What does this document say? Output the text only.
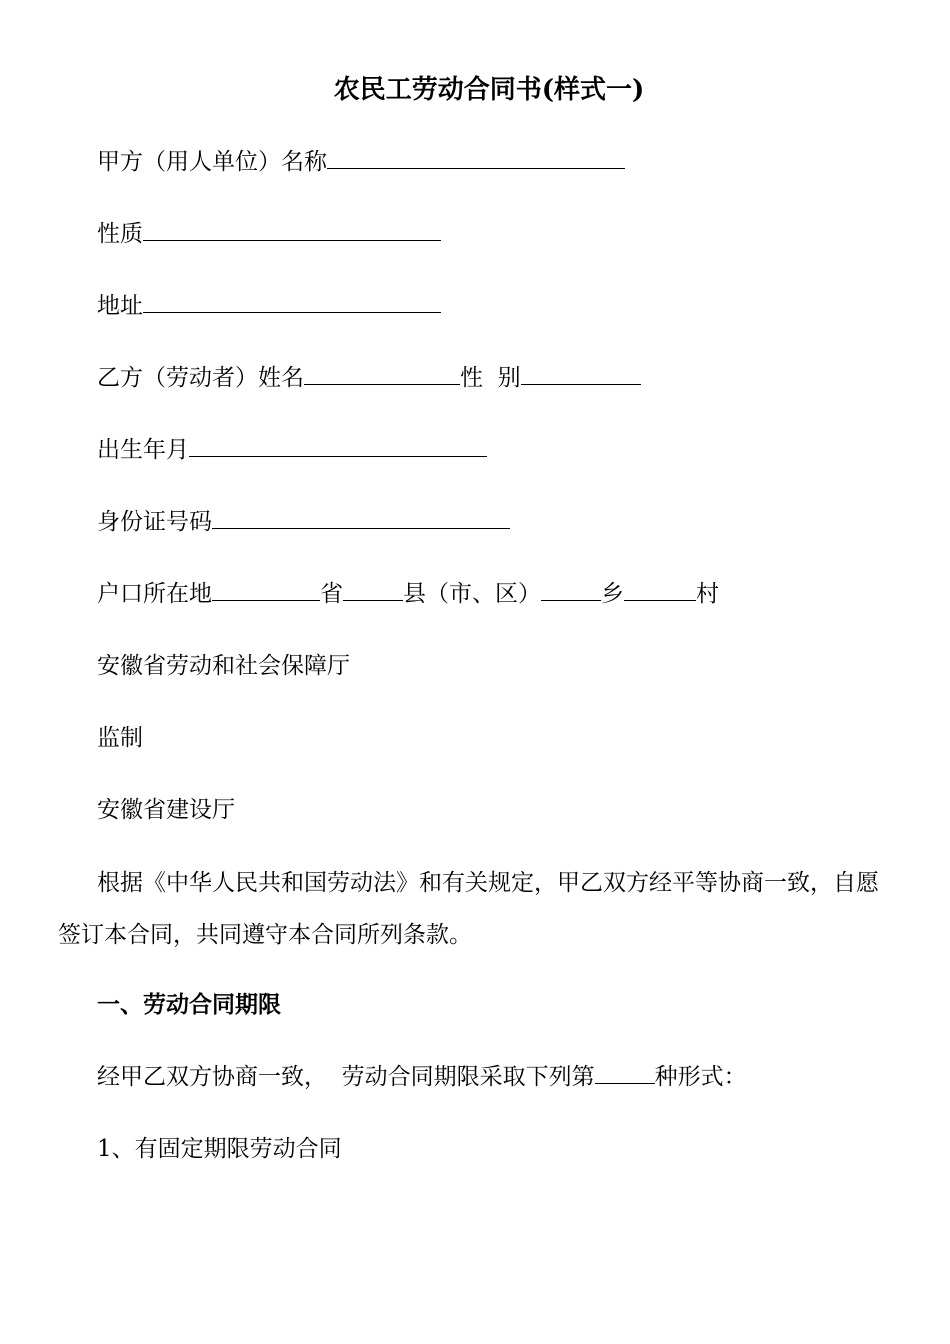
农民工劳动合同书(样式一)
甲方（用人单位）名称
性质
地址
乙方（劳动者）姓名	性  别
出生年月
身份证号码
户口所在地	省	县（市、区）	乡	村
安徽省劳动和社会保障厅
监制
安徽省建设厅
根据《中华人民共和国劳动法》和有关规定，甲乙双方经平等协商一致，自愿签订本合同，共同遵守本合同所列条款。
一、劳动合同期限
经甲乙双方协商一致，  劳动合同期限采取下列第	种形式：
1、有固定期限劳动合同
